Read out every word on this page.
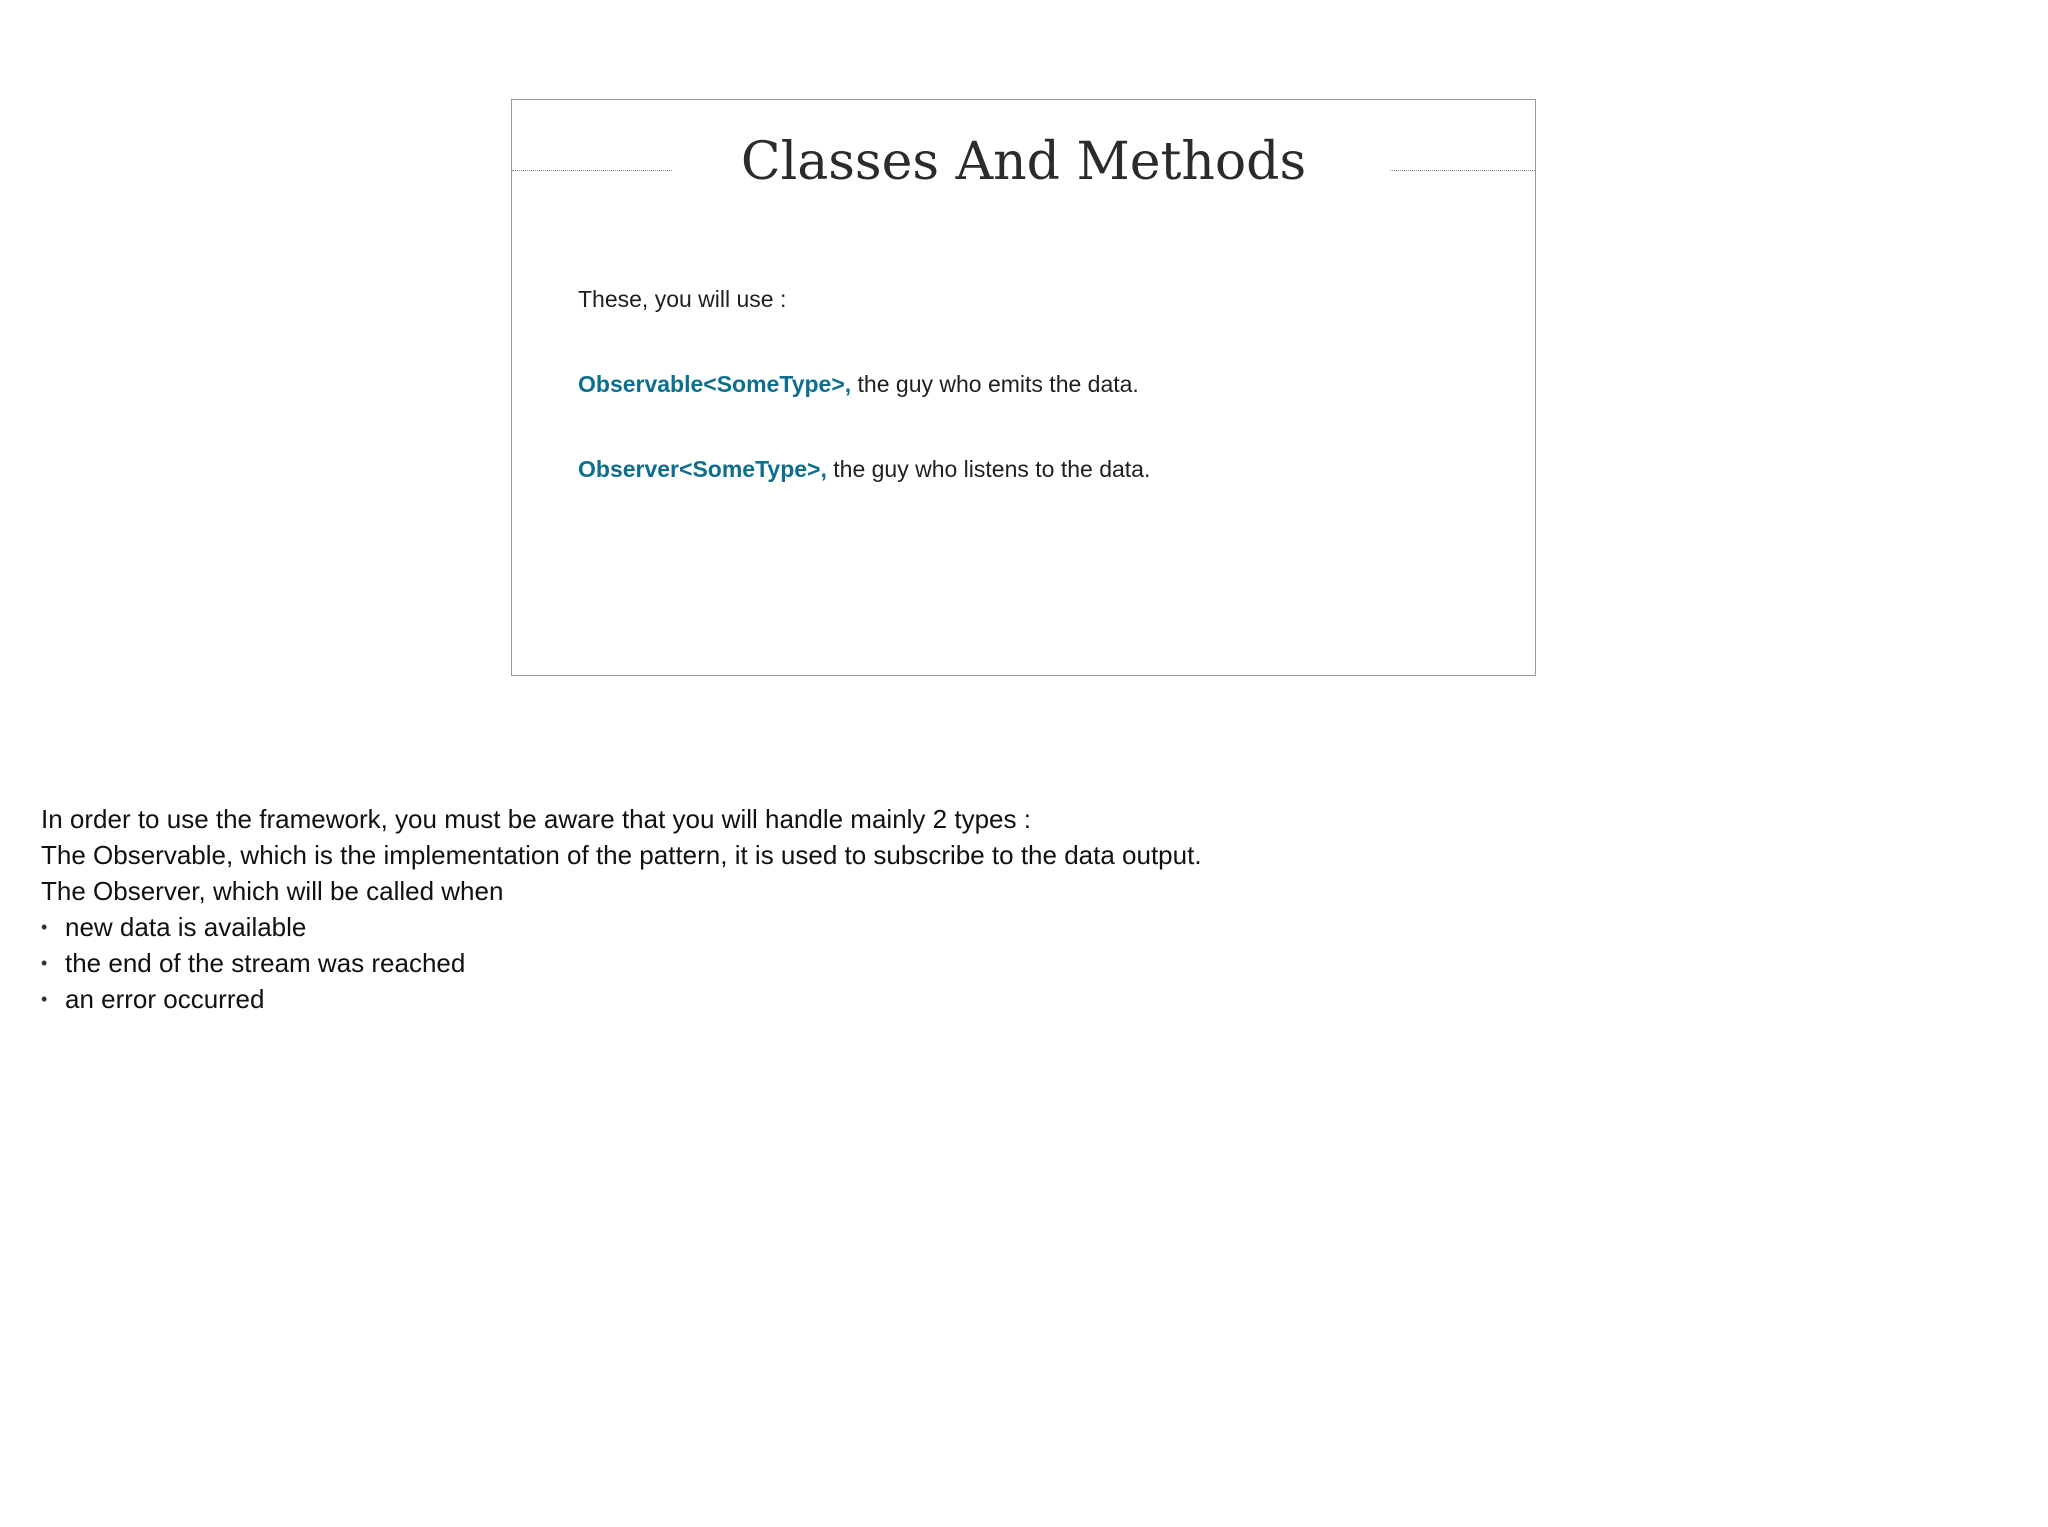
Classes And Methods
These, you will use :
Observable<SomeType>, the guy who emits the data.
Observer<SomeType>, the guy who listens to the data.

In order to use the framework, you must be aware that you will handle mainly 2 types :

The Observable, which is the implementation of the pattern, it is used to subscribe to the data output.

The Observer, which will be called when

• new data is available
• the end of the stream was reached
• an error occurred
